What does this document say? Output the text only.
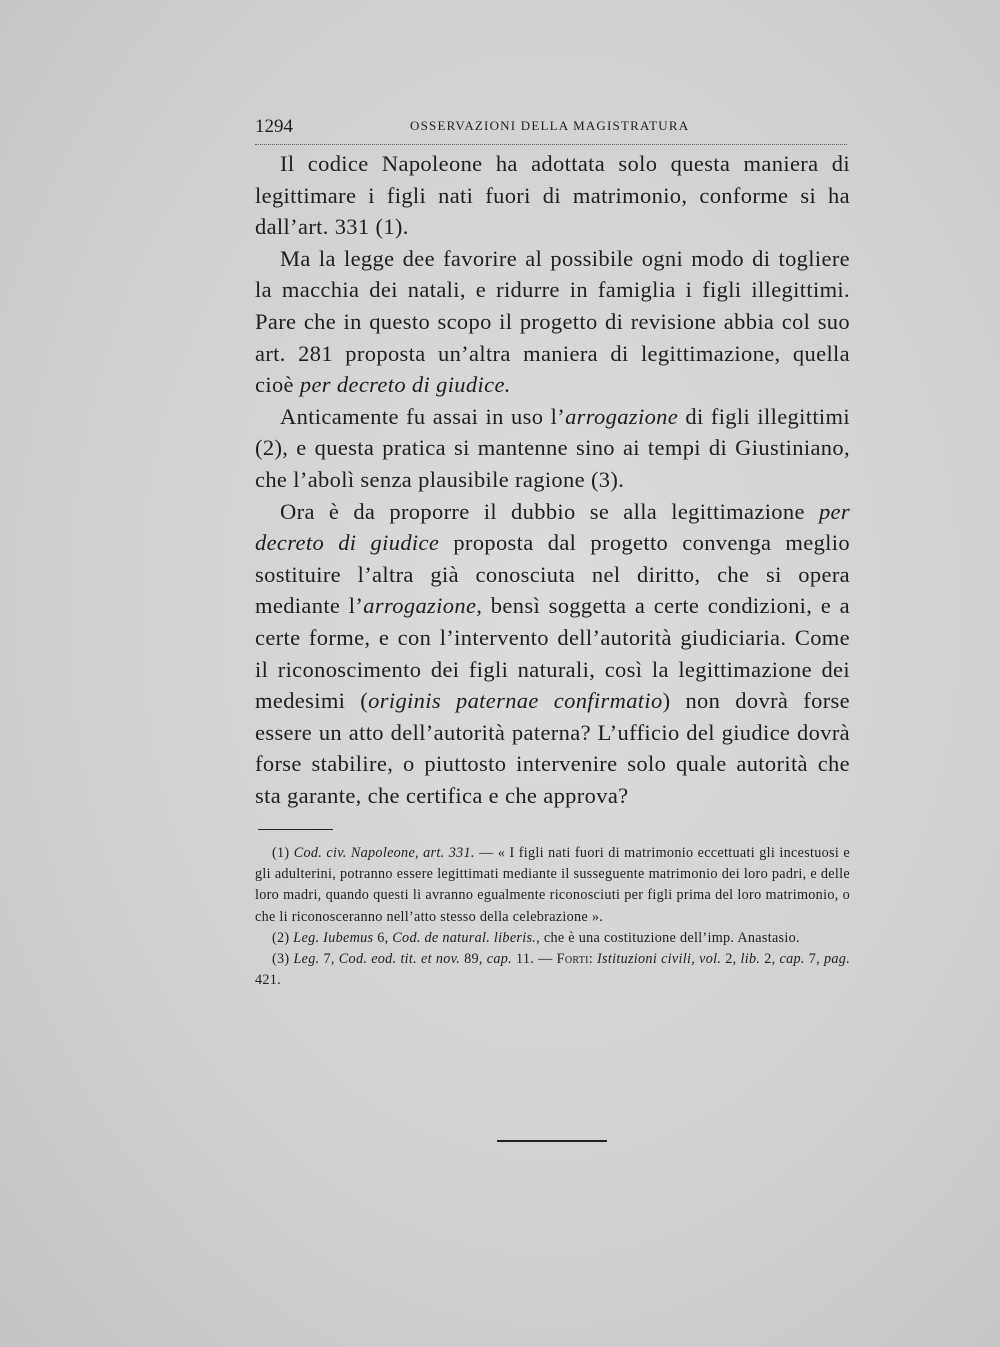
1294	OSSERVAZIONI DELLA MAGISTRATURA

Il codice Napoleone ha adottata solo questa maniera di legittimare i figli nati fuori di matrimonio, conforme si ha dall’art. 331 (1).

Ma la legge dee favorire al possibile ogni modo di togliere la macchia dei natali, e ridurre in famiglia i figli illegittimi. Pare che in questo scopo il progetto di revisione abbia col suo art. 281 proposta un’altra maniera di legittimazione, quella cioè per decreto di giudice.

Anticamente fu assai in uso l’arrogazione di figli illegittimi (2), e questa pratica si mantenne sino ai tempi di Giustiniano, che l’abolì senza plausibile ragione (3).

Ora è da proporre il dubbio se alla legittimazione per decreto di giudice proposta dal progetto convenga meglio sostituire l’altra già conosciuta nel diritto, che si opera mediante l’arrogazione, bensì soggetta a certe condizioni, e a certe forme, e con l’intervento dell’autorità giudiciaria. Come il riconoscimento dei figli naturali, così la legittimazione dei medesimi (originis paternae confirmatio) non dovrà forse essere un atto dell’autorità paterna? L’ufficio del giudice dovrà forse stabilire, o piuttosto intervenire solo quale autorità che sta garante, che certifica e che approva?

(1) Cod. civ. Napoleone, art. 331. — « I figli nati fuori di matrimonio eccettuati gli incestuosi e gli adulterini, potranno essere legittimati mediante il susseguente matrimonio dei loro padri, e delle loro madri, quando questi li avranno egualmente riconosciuti per figli prima del loro matrimonio, o che li riconosceranno nell’atto stesso della celebrazione ».

(2) Leg. Iubemus 6, Cod. de natural. liberis., che è una costituzione dell’imp. Anastasio.

(3) Leg. 7, Cod. eod. tit. et nov. 89, cap. 11. — Forti: Istituzioni civili, vol. 2, lib. 2, cap. 7, pag. 421.
